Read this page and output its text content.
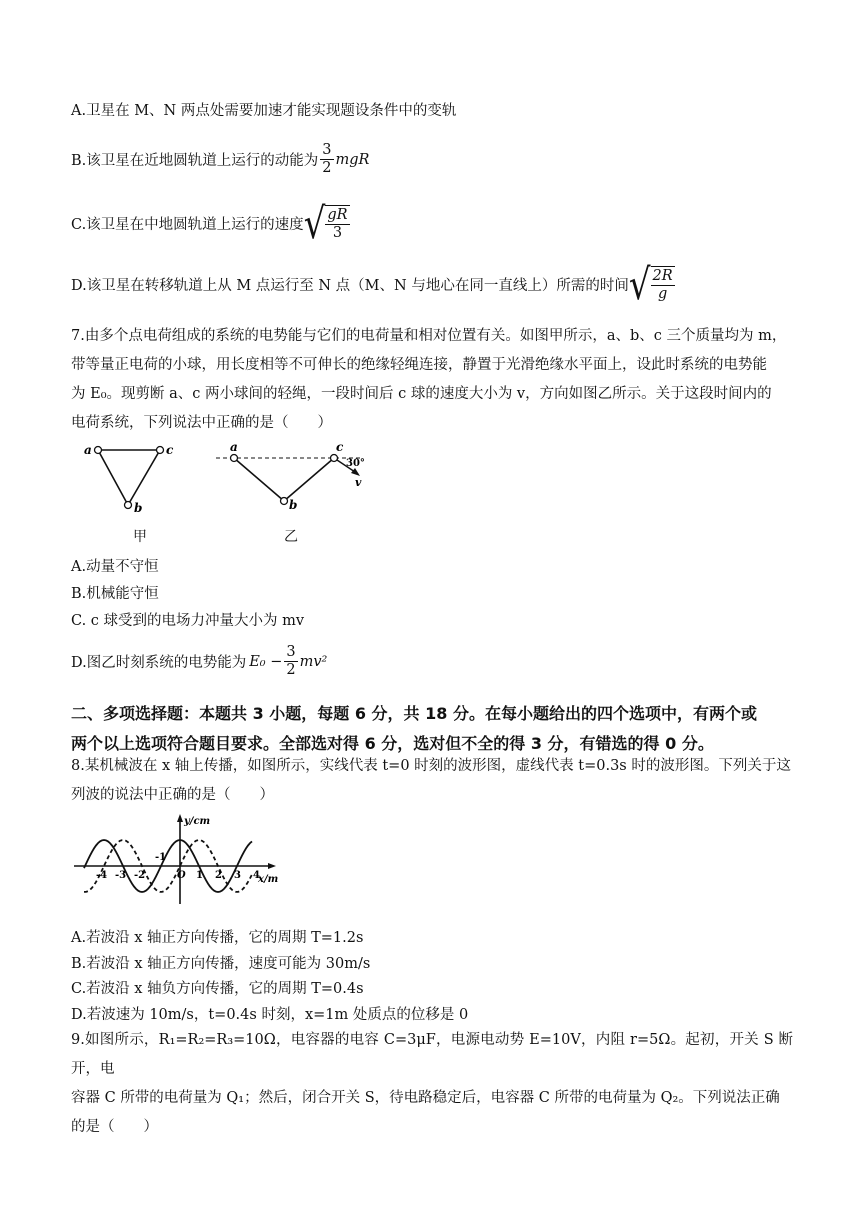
A.卫星在 M、N 两点处需要加速才能实现题设条件中的变轨
B.该卫星在近地圆轨道上运行的动能为 $\frac{3}{2}$ mgR
C.该卫星在中地圆轨道上运行的速度 √ $\frac{gR}{3}$
D.该卫星在转移轨道上从 M 点运行至 N 点（M、N 与地心在同一直线上）所需的时间 √ $\frac{2R}{g}$
7.由多个点电荷组成的系统的电势能与它们的电荷量和相对位置有关。如图甲所示，a、b、c 三个质量均为 m，
带等量正电荷的小球，用长度相等不可伸长的绝缘轻绳连接，静置于光滑绝缘水平面上，设此时系统的电势能
为 E₀。现剪断 a、c 两小球间的轻绳，一段时间后 c 球的速度大小为 v，方向如图乙所示。关于这段时间内的
电荷系统，下列说法中正确的是（　　）
a	c
b
a	c
b
30°
v
甲	乙
A.动量不守恒
B.机械能守恒
C. c 球受到的电场力冲量大小为 mv
D.图乙时刻系统的电势能为 $E_0 - \frac{3}{2} mv^2$
二、多项选择题：本题共 3 小题，每题 6 分，共 18 分。在每小题给出的四个选项中，有两个或
两个以上选项符合题目要求。全部选对得 6 分，选对但不全的得 3 分，有错选的得 0 分。
8.某机械波在 x 轴上传播，如图所示，实线代表 t=0 时刻的波形图，虚线代表 t=0.3s 时的波形图。下列关于这
列波的说法中正确的是（　　）
y/cm
x/m
-4 -3 -2
-1
O 1 2 3 4
A.若波沿 x 轴正方向传播，它的周期 T=1.2s
B.若波沿 x 轴正方向传播，速度可能为 30m/s
C.若波沿 x 轴负方向传播，它的周期 T=0.4s
D.若波速为 10m/s，t=0.4s 时刻，x=1m 处质点的位移是 0
9.如图所示，R₁=R₂=R₃=10Ω，电容器的电容 C=3μF，电源电动势 E=10V，内阻 r=5Ω。起初，开关 S 断开，电
容器 C 所带的电荷量为 Q₁；然后，闭合开关 S，待电路稳定后，电容器 C 所带的电荷量为 Q₂。下列说法正确
的是（　　）
